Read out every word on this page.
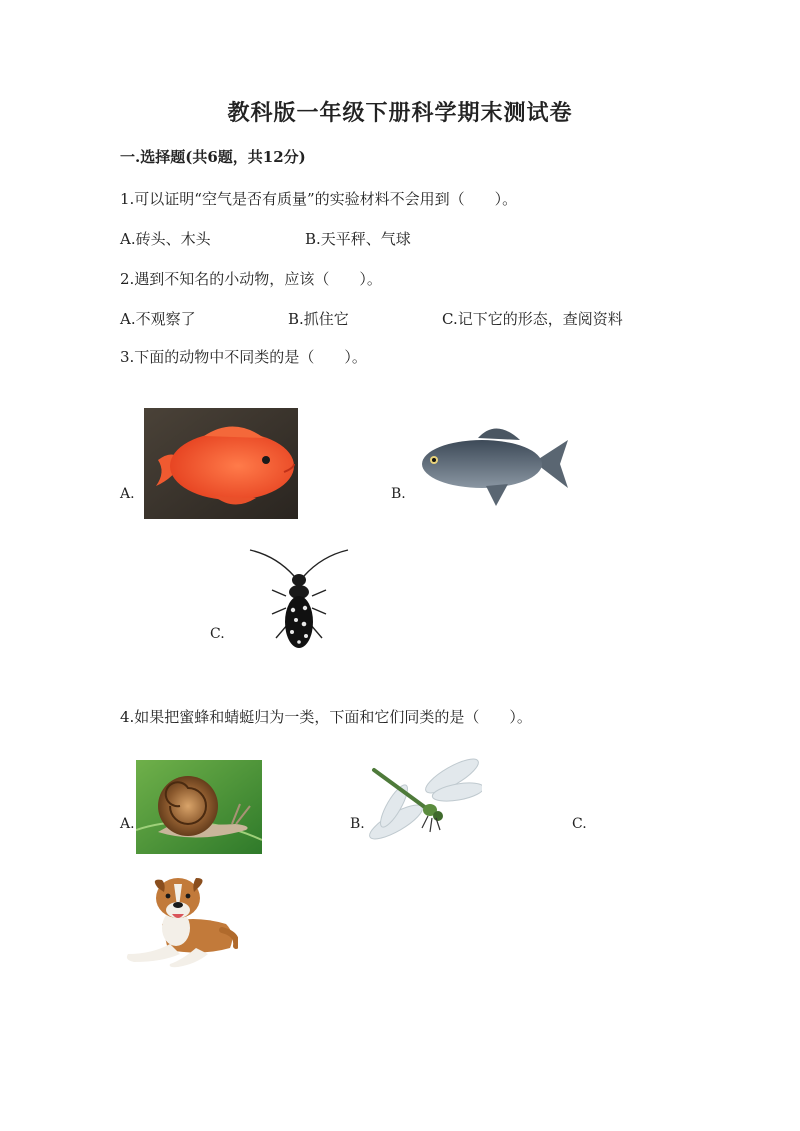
教科版一年级下册科学期末测试卷
一.选择题(共6题，共12分)
1.可以证明“空气是否有质量”的实验材料不会用到（　　）。
A.砖头、木头	B.天平秤、气球
2.遇到不知名的小动物，应该（　　）。
A.不观察了	B.抓住它	C.记下它的形态，查阅资料
3.下面的动物中不同类的是（　　）。
A.	B.
C.
4.如果把蜜蜂和蜻蜓归为一类，下面和它们同类的是（　　）。
A.	B.	C.
